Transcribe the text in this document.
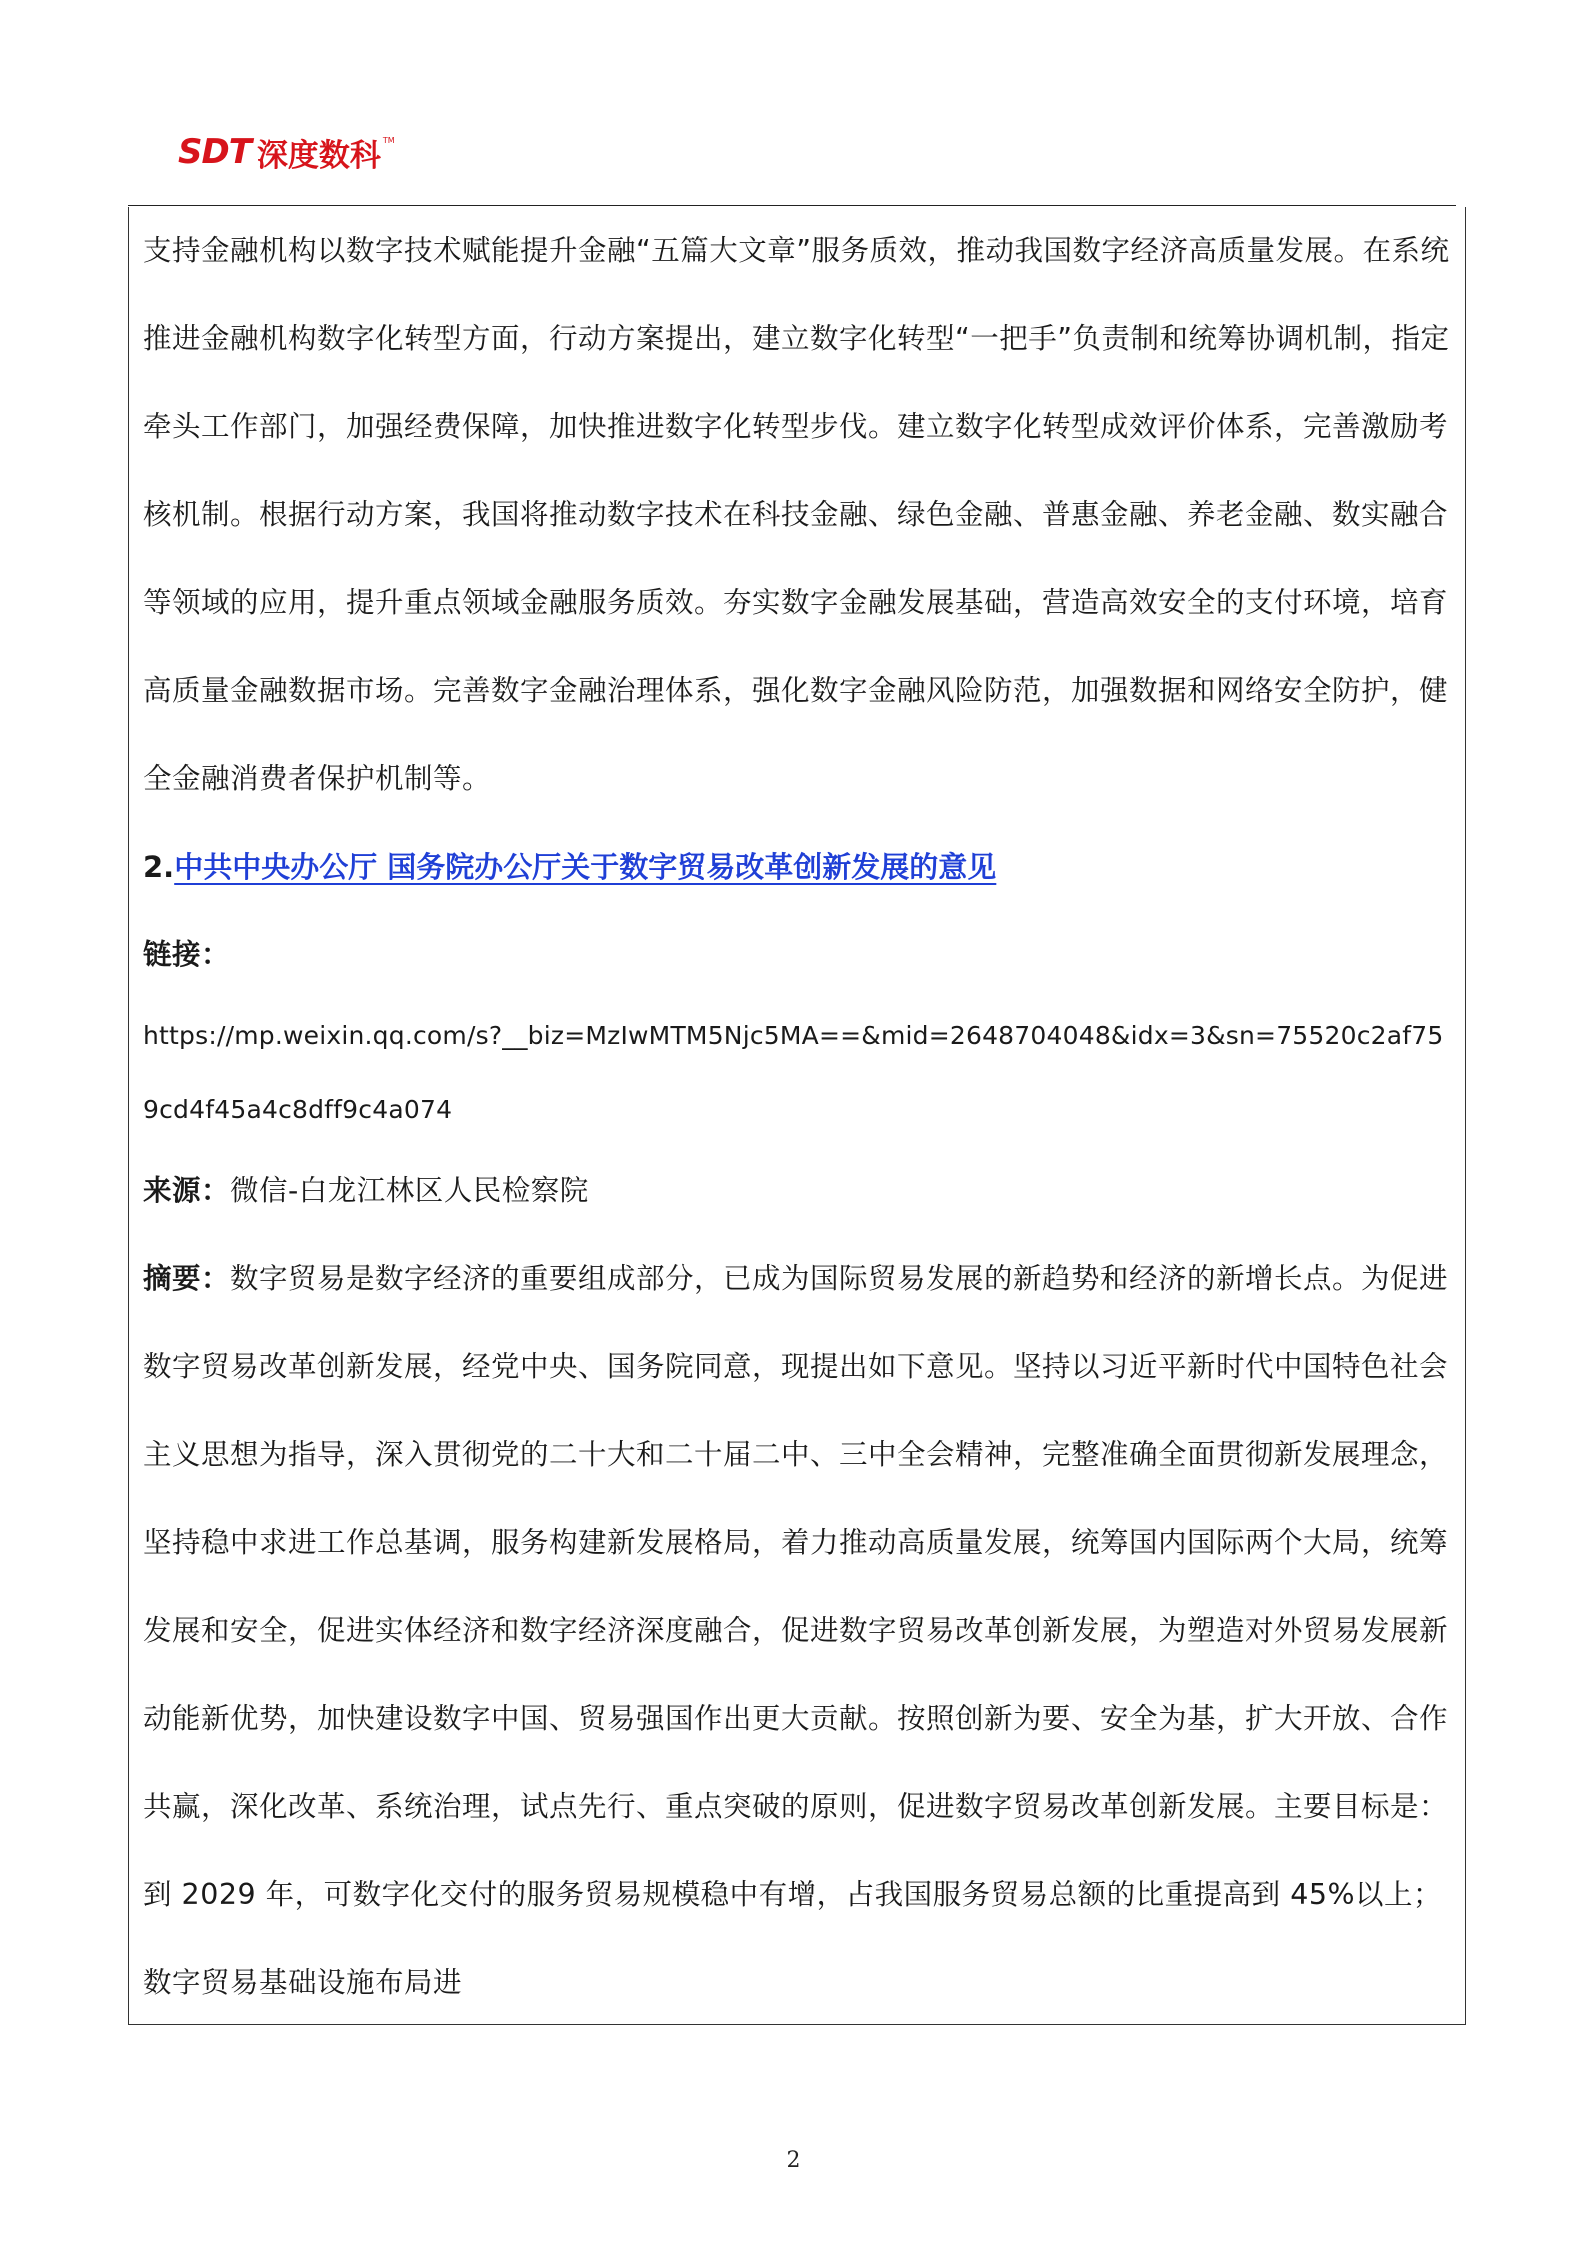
SDT 深度数科 TM

支持金融机构以数字技术赋能提升金融“五篇大文章”服务质效，推动我国数字经济高质量发展。在系统推进金融机构数字化转型方面，行动方案提出，建立数字化转型“一把手”负责制和统筹协调机制，指定牵头工作部门，加强经费保障，加快推进数字化转型步伐。建立数字化转型成效评价体系，完善激励考核机制。根据行动方案，我国将推动数字技术在科技金融、绿色金融、普惠金融、养老金融、数实融合等领域的应用，提升重点领域金融服务质效。夯实数字金融发展基础，营造高效安全的支付环境，培育高质量金融数据市场。完善数字金融治理体系，强化数字金融风险防范，加强数据和网络安全防护，健全金融消费者保护机制等。

2.中共中央办公厅 国务院办公厅关于数字贸易改革创新发展的意见

链接：

https://mp.weixin.qq.com/s?__biz=MzIwMTM5Njc5MA==&mid=2648704048&idx=3&sn=75520c2af759cd4f45a4c8dff9c4a074

来源：微信-白龙江林区人民检察院

摘要：数字贸易是数字经济的重要组成部分，已成为国际贸易发展的新趋势和经济的新增长点。为促进数字贸易改革创新发展，经党中央、国务院同意，现提出如下意见。坚持以习近平新时代中国特色社会主义思想为指导，深入贯彻党的二十大和二十届二中、三中全会精神，完整准确全面贯彻新发展理念，坚持稳中求进工作总基调，服务构建新发展格局，着力推动高质量发展，统筹国内国际两个大局，统筹发展和安全，促进实体经济和数字经济深度融合，促进数字贸易改革创新发展，为塑造对外贸易发展新动能新优势，加快建设数字中国、贸易强国作出更大贡献。按照创新为要、安全为基，扩大开放、合作共赢，深化改革、系统治理，试点先行、重点突破的原则，促进数字贸易改革创新发展。主要目标是：到 2029 年，可数字化交付的服务贸易规模稳中有增，占我国服务贸易总额的比重提高到 45%以上；数字贸易基础设施布局进

2
